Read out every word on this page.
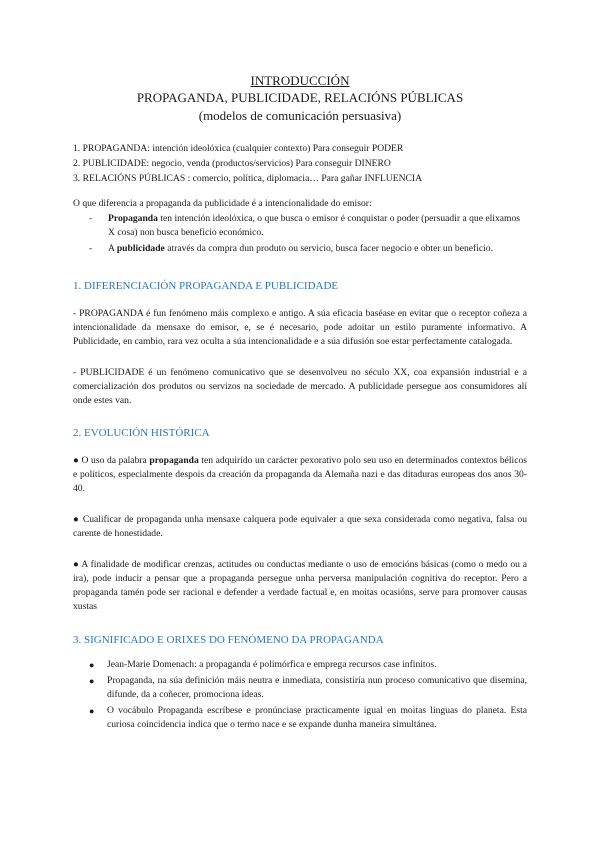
INTRODUCCIÓN
PROPAGANDA, PUBLICIDADE, RELACIÓNS PÚBLICAS
(modelos de comunicación persuasiva)

1. PROPAGANDA: intención ideolóxica (cualquier contexto) Para conseguir PODER

2. PUBLICIDADE: negocio, venda (productos/servicios) Para conseguir DINERO

3. RELACIÓNS PÚBLICAS : comercio, política, diplomacia… Para gañar INFLUENCIA

O que diferencia a propaganda da publicidade é a intencionalidade do emisor:

- Propaganda ten intención ideolóxica, o que busca o emisor é conquistar o poder (persuadir a que elixamos X cosa) non busca beneficio económico.
- A publicidade através da compra dun produto ou servicio, busca facer negocio e obter un beneficio.
1. DIFERENCIACIÓN PROPAGANDA E PUBLICIDADE

- PROPAGANDA é fun fenómeno máis complexo e antigo. A súa eficacia baséase en evitar que o receptor coñeza a intencionalidade da mensaxe do emisor, e, se é necesario, pode adoitar un estilo puramente informativo. A Publicidade, en cambio, rara vez oculta a súa intencionalidade e a súa difusión soe estar perfectamente catalogada.

- PUBLICIDADE é un fenómeno comunicativo que se desenvolveu no século XX, coa expansión industrial e a comercialización dos produtos ou servizos na sociedade de mercado. A publicidade persegue aos consumidores alí onde estes van.

2. EVOLUCIÓN HISTÓRICA

● O uso da palabra propaganda ten adquirido un carácter pexorativo polo seu uso en determinados contextos bélicos e políticos, especialmente despois da creación da propaganda da Alemaña nazi e das ditaduras europeas dos anos 30-40.

● Cualificar de propaganda unha mensaxe calquera pode equivaler a que sexa considerada como negativa, falsa ou carente de honestidade.

● A finalidade de modificar crenzas, actitudes ou conductas mediante o uso de emocións básicas (como o medo ou a ira), pode inducir a pensar que a propaganda persegue unha perversa manipulación cognitiva do receptor. Pero a propaganda tamén pode ser racional e defender a verdade factual e, en moitas ocasións, serve para promover causas xustas

3. SIGNIFICADO E ORIXES DO FENÓMENO DA PROPAGANDA
● Jean-Marie Domenach: a propaganda é polimórfica e emprega recursos case infinitos.
● Propaganda, na súa definición máis neutra e inmediata, consistiría nun proceso comunicativo que disemina, difunde, da a coñecer, promociona ideas.
● O vocábulo Propaganda escríbese e pronúnciase practicamente igual en moitas linguas do planeta. Esta curiosa coincidencia indica que o termo nace e se expande dunha maneira simultánea.
